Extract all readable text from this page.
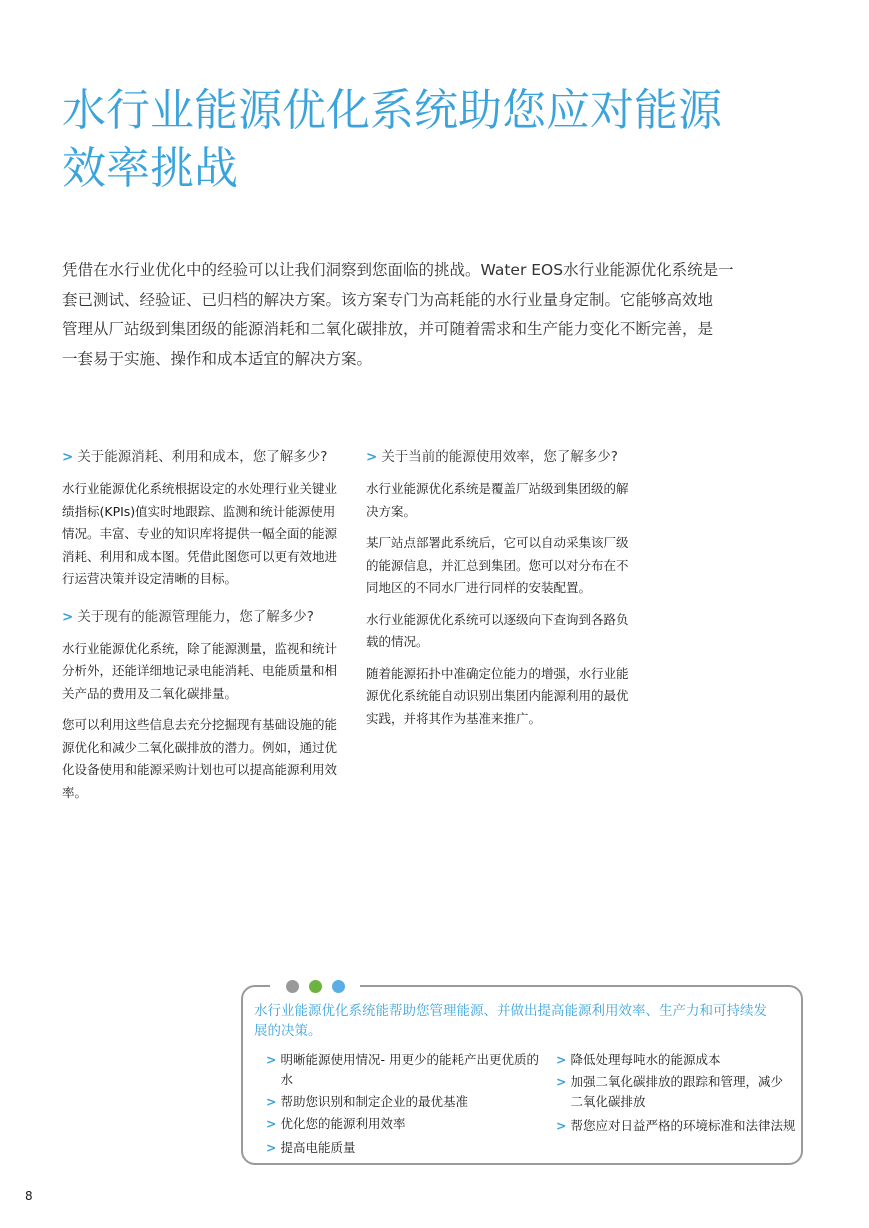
水行业能源优化系统助您应对能源
效率挑战
凭借在水行业优化中的经验可以让我们洞察到您面临的挑战。Water EOS水行业能源优化系统是一
套已测试、经验证、已归档的解决方案。该方案专门为高耗能的水行业量身定制。它能够高效地
管理从厂站级到集团级的能源消耗和二氧化碳排放，并可随着需求和生产能力变化不断完善，是
一套易于实施、操作和成本适宜的解决方案。
> 关于能源消耗、利用和成本，您了解多少?
水行业能源优化系统根据设定的水处理行业关键业
绩指标(KPIs)值实时地跟踪、监测和统计能源使用
情况。丰富、专业的知识库将提供一幅全面的能源
消耗、利用和成本图。凭借此图您可以更有效地进
行运营决策并设定清晰的目标。
> 关于现有的能源管理能力，您了解多少?
水行业能源优化系统，除了能源测量，监视和统计
分析外，还能详细地记录电能消耗、电能质量和相
关产品的费用及二氧化碳排量。
您可以利用这些信息去充分挖掘现有基础设施的能
源优化和减少二氧化碳排放的潜力。例如，通过优
化设备使用和能源采购计划也可以提高能源利用效
率。
> 关于当前的能源使用效率，您了解多少?
水行业能源优化系统是覆盖厂站级到集团级的解
决方案。
某厂站点部署此系统后，它可以自动采集该厂级
的能源信息，并汇总到集团。您可以对分布在不
同地区的不同水厂进行同样的安装配置。
水行业能源优化系统可以逐级向下查询到各路负
载的情况。
随着能源拓扑中准确定位能力的增强，水行业能
源优化系统能自动识别出集团内能源利用的最优
实践，并将其作为基准来推广。
水行业能源优化系统能帮助您管理能源、并做出提高能源利用效率、生产力和可持续发
展的决策。
> 明晰能源使用情况- 用更少的能耗产出更优质的水
> 帮助您识别和制定企业的最优基准
> 优化您的能源利用效率
> 提高电能质量
> 降低处理每吨水的能源成本
> 加强二氧化碳排放的跟踪和管理，减少
二氧化碳排放
> 帮您应对日益严格的环境标准和法律法规
8
